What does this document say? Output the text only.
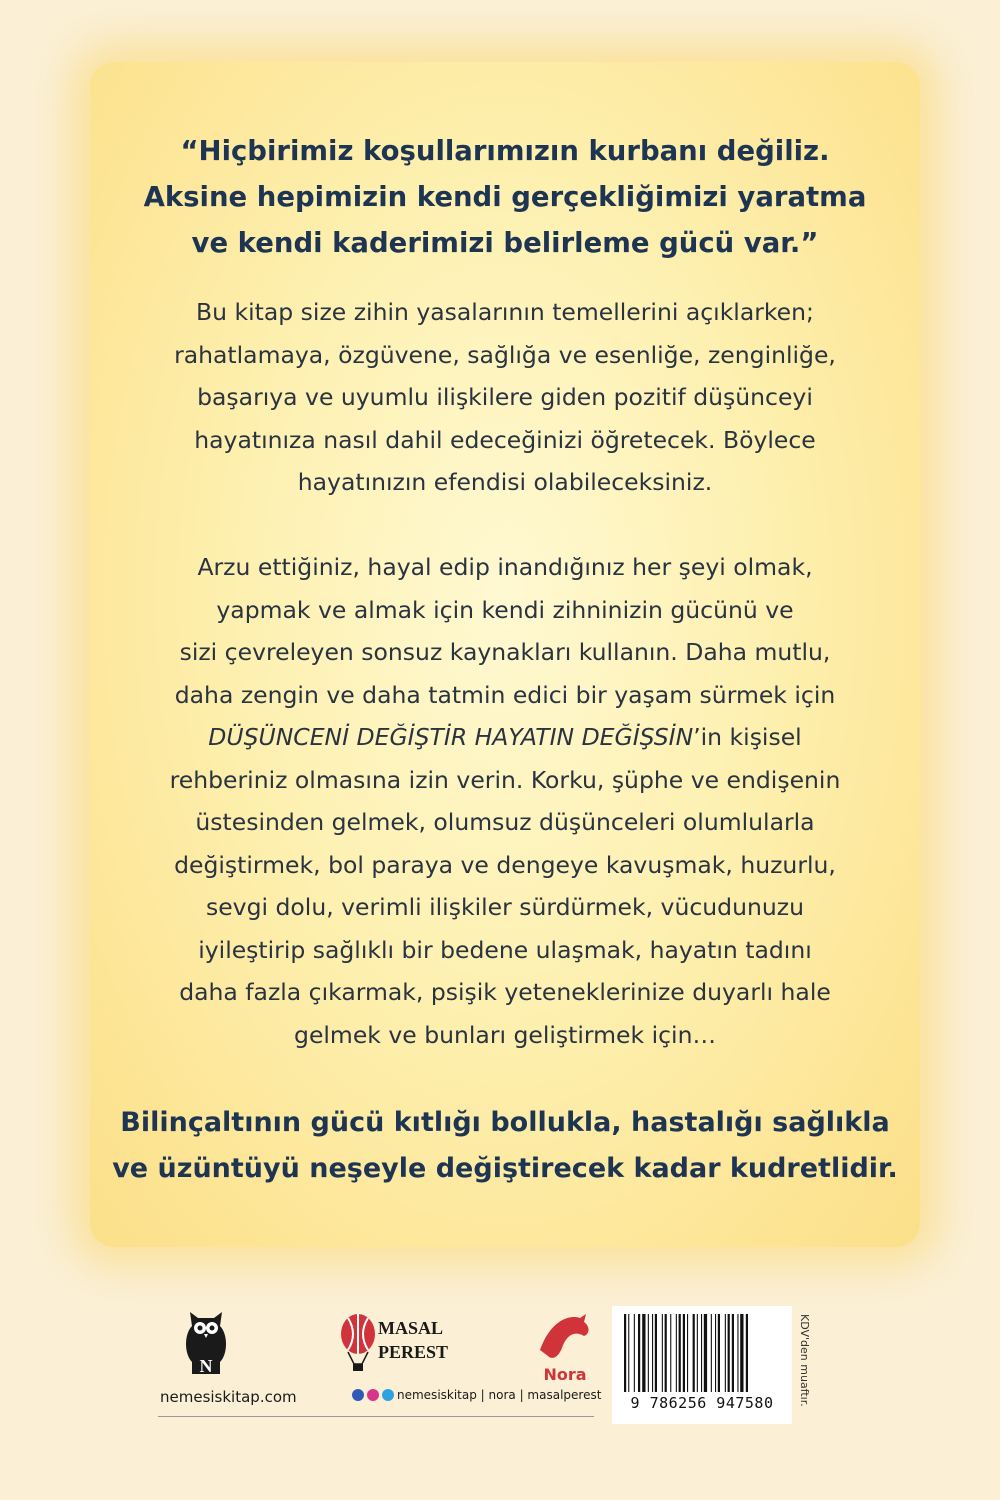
“Hiçbirimiz koşullarımızın kurbanı değiliz.
Aksine hepimizin kendi gerçekliğimizi yaratma
ve kendi kaderimizi belirleme gücü var.”

Bu kitap size zihin yasalarının temellerini açıklarken;
rahatlamaya, özgüvene, sağlığa ve esenliğe, zenginliğe,
başarıya ve uyumlu ilişkilere giden pozitif düşünceyi
hayatınıza nasıl dahil edeceğinizi öğretecek. Böylece
hayatınızın efendisi olabileceksiniz.

Arzu ettiğiniz, hayal edip inandığınız her şeyi olmak,
yapmak ve almak için kendi zihninizin gücünü ve
sizi çevreleyen sonsuz kaynakları kullanın. Daha mutlu,
daha zengin ve daha tatmin edici bir yaşam sürmek için
DÜŞÜNCENİ DEĞİŞTİR HAYATIN DEĞİŞSİN’in kişisel
rehberiniz olmasına izin verin. Korku, şüphe ve endişenin
üstesinden gelmek, olumsuz düşünceleri olumlularla
değiştirmek, bol paraya ve dengeye kavuşmak, huzurlu,
sevgi dolu, verimli ilişkiler sürdürmek, vücudunuzu
iyileştirip sağlıklı bir bedene ulaşmak, hayatın tadını
daha fazla çıkarmak, psişik yeteneklerinize duyarlı hale
gelmek ve bunları geliştirmek için…

Bilinçaltının gücü kıtlığı bollukla, hastalığı sağlıkla
ve üzüntüyü neşeyle değiştirecek kadar kudretlidir.

N
MASAL
PEREST
Nora
nemesiskitap.com	nemesiskitap | nora | masalperest	9 786256 947580	KDV'den muaftır.
